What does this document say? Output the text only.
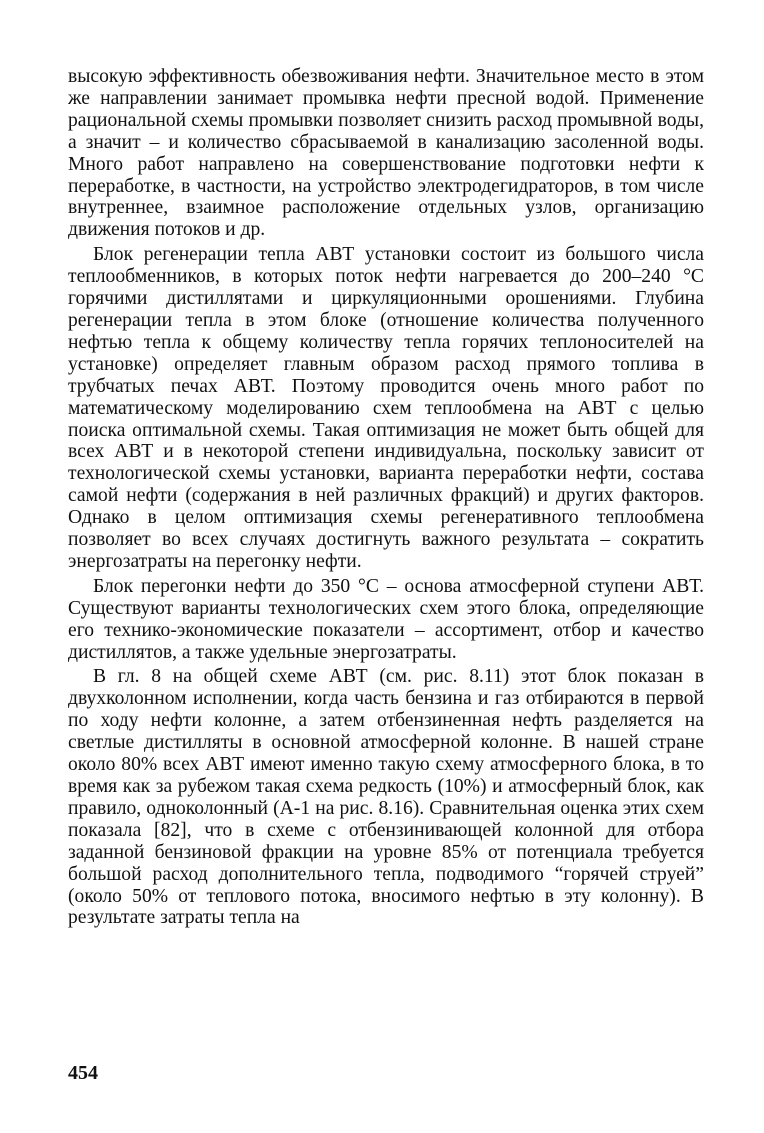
высокую эффективность обезвоживания нефти. Значительное место в этом же направлении занимает промывка нефти пресной водой. Применение рациональной схемы промывки позволяет снизить расход промывной воды, а значит – и количество сбрасываемой в канализацию засоленной воды. Много работ направлено на совершенствование подготовки нефти к переработке, в частности, на устройство электродегидраторов, в том числе внутреннее, взаимное расположение отдельных узлов, организацию движения потоков и др.

Блок регенерации тепла АВТ установки состоит из большого числа теплообменников, в которых поток нефти нагревается до 200–240 °С горячими дистиллятами и циркуляционными орошениями. Глубина регенерации тепла в этом блоке (отношение количества полученного нефтью тепла к общему количеству тепла горячих теплоносителей на установке) определяет главным образом расход прямого топлива в трубчатых печах АВТ. Поэтому проводится очень много работ по математическому моделированию схем теплообмена на АВТ с целью поиска оптимальной схемы. Такая оптимизация не может быть общей для всех АВТ и в некоторой степени индивидуальна, поскольку зависит от технологической схемы установки, варианта переработки нефти, состава самой нефти (содержания в ней различных фракций) и других факторов. Однако в целом оптимизация схемы регенеративного теплообмена позволяет во всех случаях достигнуть важного результата – сократить энергозатраты на перегонку нефти.

Блок перегонки нефти до 350 °С – основа атмосферной ступени АВТ. Существуют варианты технологических схем этого блока, определяющие его технико-экономические показатели – ассортимент, отбор и качество дистиллятов, а также удельные энергозатраты.

В гл. 8 на общей схеме АВТ (см. рис. 8.11) этот блок показан в двухколонном исполнении, когда часть бензина и газ отбираются в первой по ходу нефти колонне, а затем отбензиненная нефть разделяется на светлые дистилляты в основной атмосферной колонне. В нашей стране около 80% всех АВТ имеют именно такую схему атмосферного блока, в то время как за рубежом такая схема редкость (10%) и атмосферный блок, как правило, одноколонный (А-1 на рис. 8.16). Сравнительная оценка этих схем показала [82], что в схеме с отбензинивающей колонной для отбора заданной бензиновой фракции на уровне 85% от потенциала требуется большой расход дополнительного тепла, подводимого “горячей струей” (около 50% от теплового потока, вносимого нефтью в эту колонну). В результате затраты тепла на

454
